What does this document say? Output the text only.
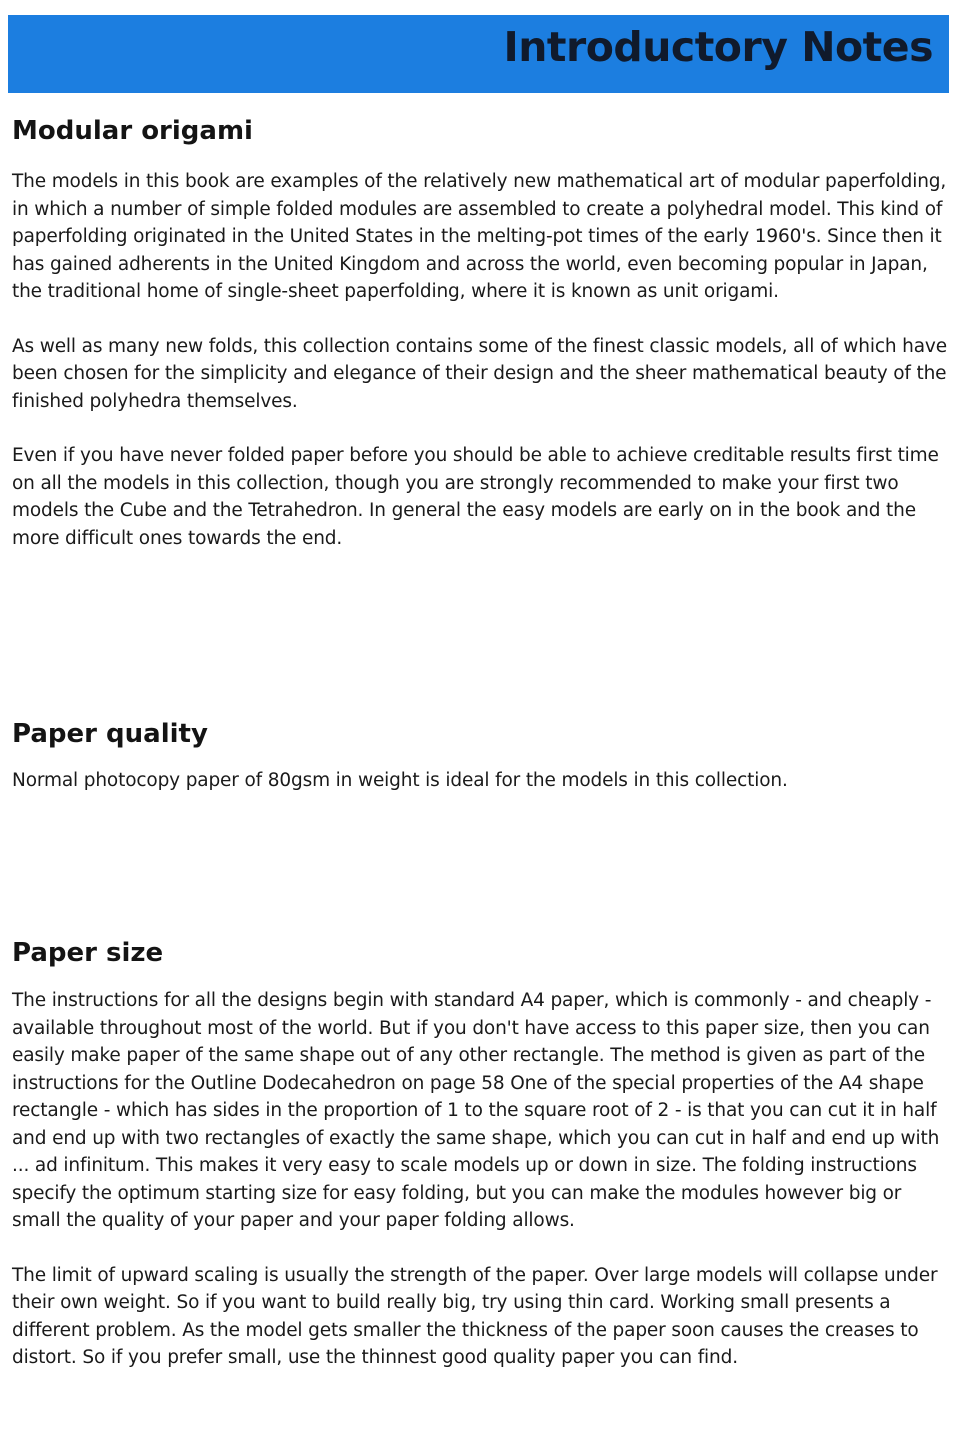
Introductory Notes
Modular origami

The models in this book are examples of the relatively new mathematical art of modular paperfolding, in which a number of simple folded modules are assembled to create a polyhedral model. This kind of paperfolding originated in the United States in the melting-pot times of the early 1960's. Since then it has gained adherents in the United Kingdom and across the world, even becoming popular in Japan, the traditional home of single-sheet paperfolding, where it is known as unit origami.

As well as many new folds, this collection contains some of the finest classic models, all of which have been chosen for the simplicity and elegance of their design and the sheer mathematical beauty of the finished polyhedra themselves.

Even if you have never folded paper before you should be able to achieve creditable results first time on all the models in this collection, though you are strongly recommended to make your first two models the Cube and the Tetrahedron. In general the easy models are early on in the book and the more difficult ones towards the end.

Paper quality

Normal photocopy paper of 80gsm in weight is ideal for the models in this collection.

Paper size

The instructions for all the designs begin with standard A4 paper, which is commonly - and cheaply - available throughout most of the world. But if you don't have access to this paper size, then you can easily make paper of the same shape out of any other rectangle. The method is given as part of the instructions for the Outline Dodecahedron on page 58 One of the special properties of the A4 shape rectangle - which has sides in the proportion of 1 to the square root of 2 - is that you can cut it in half and end up with two rectangles of exactly the same shape, which you can cut in half and end up with ... ad infinitum. This makes it very easy to scale models up or down in size. The folding instructions specify the optimum starting size for easy folding, but you can make the modules however big or small the quality of your paper and your paper folding allows.

The limit of upward scaling is usually the strength of the paper. Over large models will collapse under their own weight. So if you want to build really big, try using thin card. Working small presents a different problem. As the model gets smaller the thickness of the paper soon causes the creases to distort. So if you prefer small, use the thinnest good quality paper you can find.
